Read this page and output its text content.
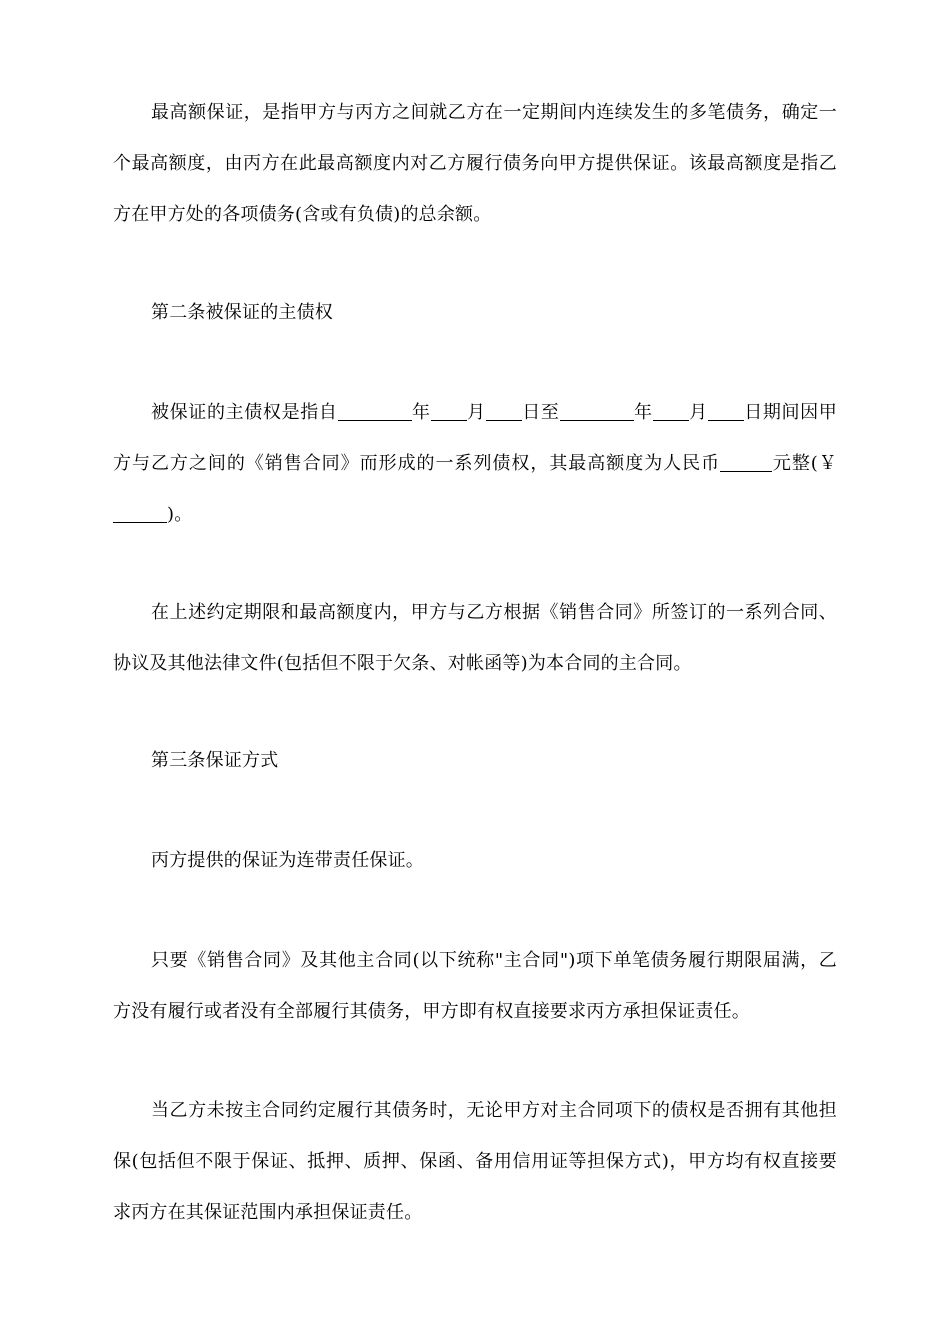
最高额保证，是指甲方与丙方之间就乙方在一定期间内连续发生的多笔债务，确定一个最高额度，由丙方在此最高额度内对乙方履行债务向甲方提供保证。该最高额度是指乙方在甲方处的各项债务(含或有负债)的总余额。

第二条被保证的主债权

被保证的主债权是指自	年 月 日至	年 月 日期间因甲方与乙方之间的《销售合同》而形成的一系列债权，其最高额度为人民币	元整(￥)。

在上述约定期限和最高额度内，甲方与乙方根据《销售合同》所签订的一系列合同、协议及其他法律文件(包括但不限于欠条、对帐函等)为本合同的主合同。

第三条保证方式

丙方提供的保证为连带责任保证。

只要《销售合同》及其他主合同(以下统称"主合同")项下单笔债务履行期限届满，乙方没有履行或者没有全部履行其债务，甲方即有权直接要求丙方承担保证责任。

当乙方未按主合同约定履行其债务时，无论甲方对主合同项下的债权是否拥有其他担保(包括但不限于保证、抵押、质押、保函、备用信用证等担保方式)，甲方均有权直接要求丙方在其保证范围内承担保证责任。
